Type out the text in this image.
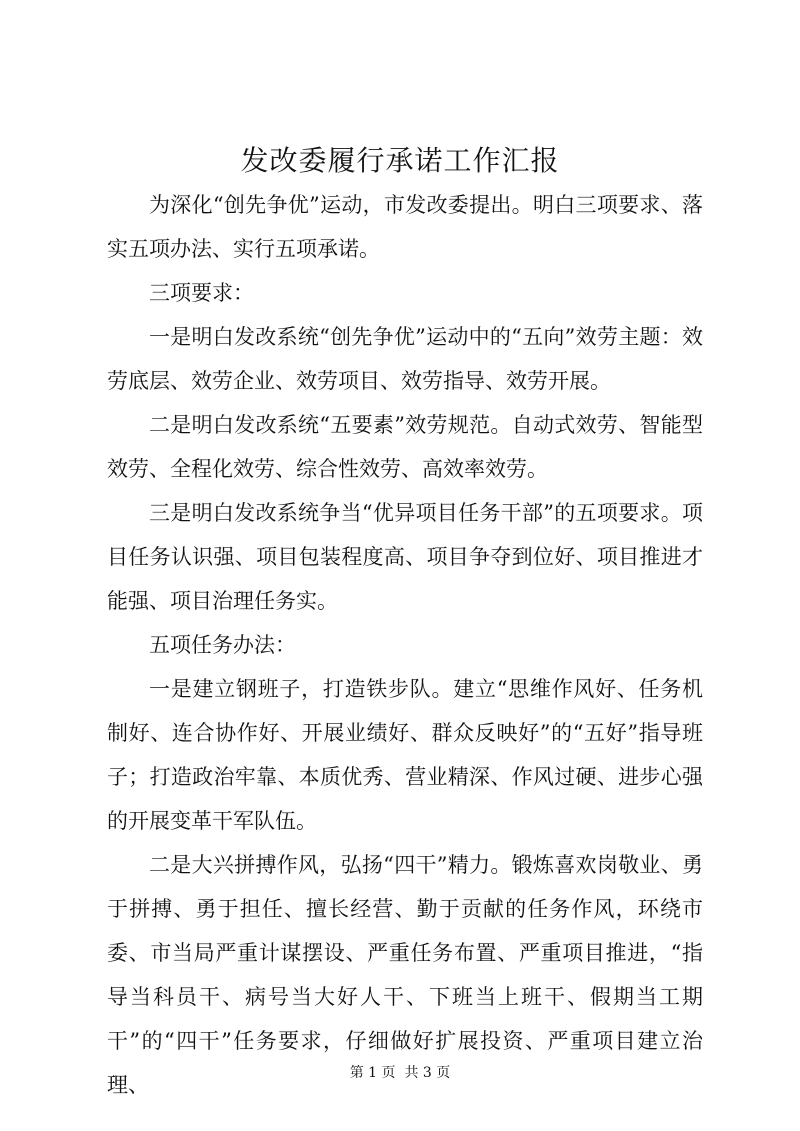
发改委履行承诺工作汇报

为深化“创先争优”运动，市发改委提出。明白三项要求、落实五项办法、实行五项承诺。

三项要求：

一是明白发改系统“创先争优”运动中的“五向”效劳主题：效劳底层、效劳企业、效劳项目、效劳指导、效劳开展。

二是明白发改系统“五要素”效劳规范。自动式效劳、智能型效劳、全程化效劳、综合性效劳、高效率效劳。

三是明白发改系统争当“优异项目任务干部”的五项要求。项目任务认识强、项目包装程度高、项目争夺到位好、项目推进才能强、项目治理任务实。

五项任务办法：

一是建立钢班子，打造铁步队。建立“思维作风好、任务机制好、连合协作好、开展业绩好、群众反映好”的“五好”指导班子；打造政治牢靠、本质优秀、营业精深、作风过硬、进步心强的开展变革干军队伍。

二是大兴拼搏作风，弘扬“四干”精力。锻炼喜欢岗敬业、勇于拼搏、勇于担任、擅长经营、勤于贡献的任务作风，环绕市委、市当局严重计谋摆设、严重任务布置、严重项目推进，“指导当科员干、病号当大好人干、下班当上班干、假期当工期干”的“四干”任务要求，仔细做好扩展投资、严重项目建立治理、	第 1 页  共 3 页
